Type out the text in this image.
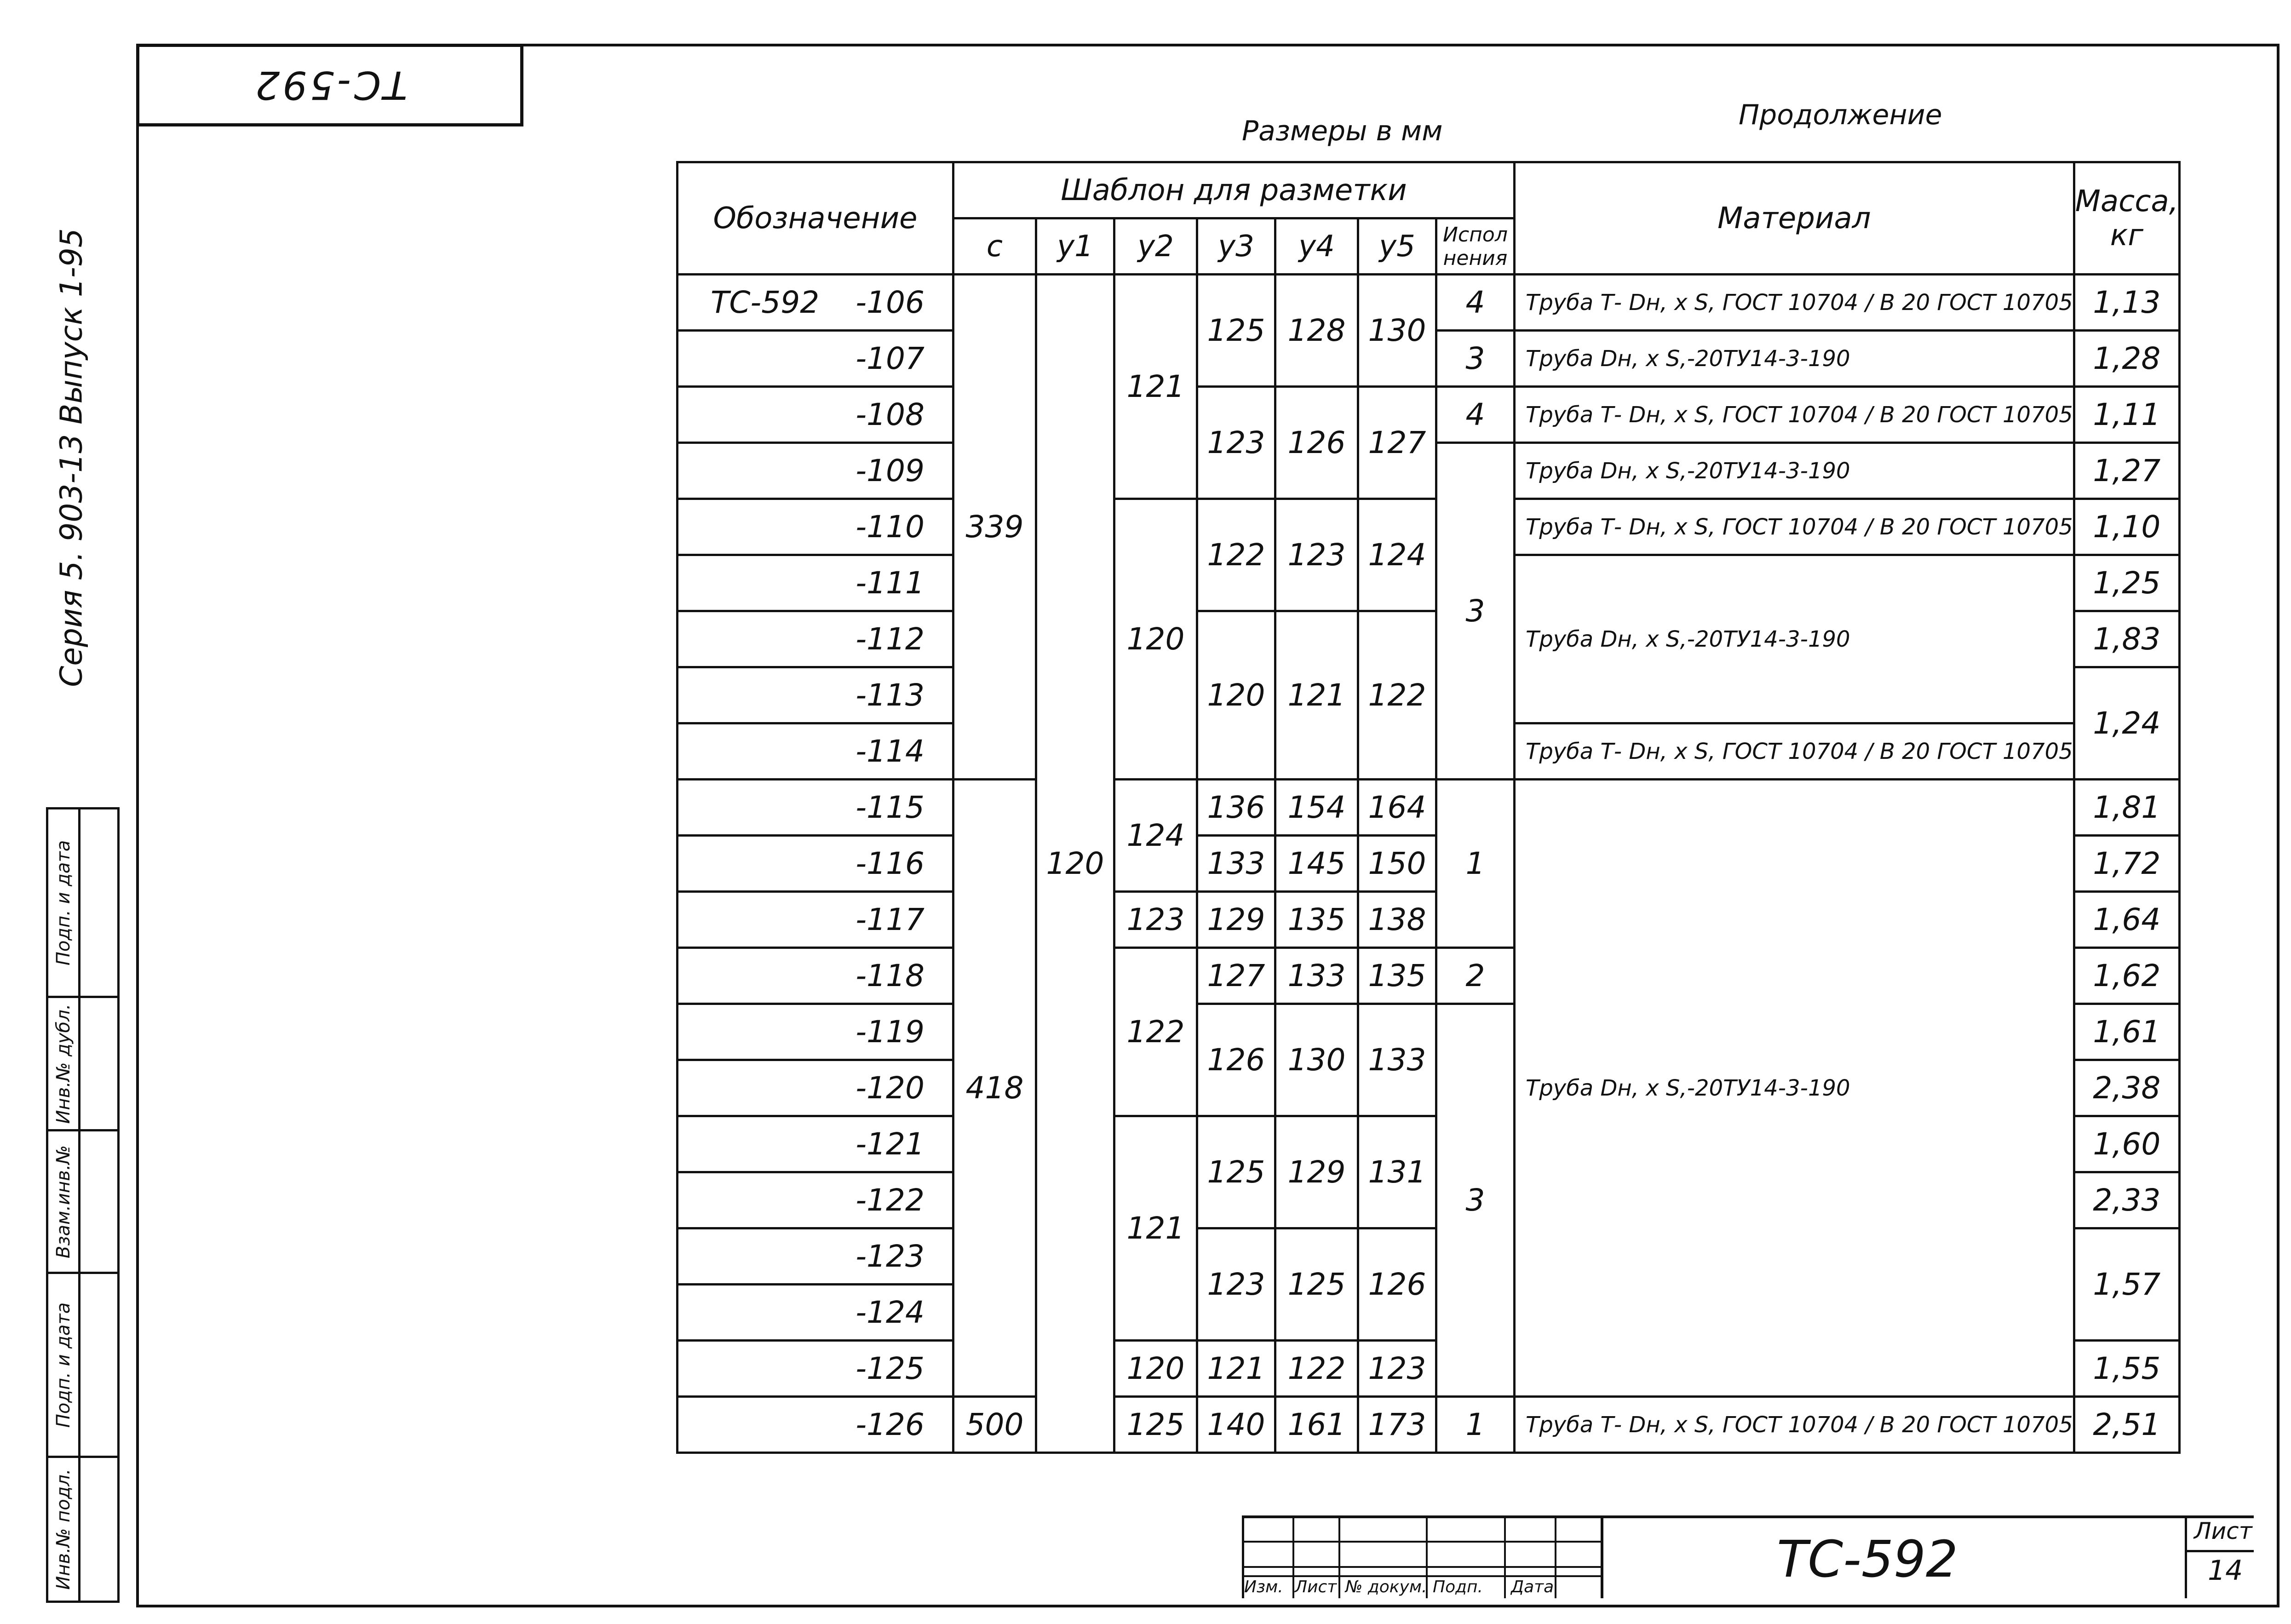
ТС-592
Серия 5. 903-13 Выпуск 1-95
Подп. и дата
Инв.№ дубл.
Взам.инв.№
Подп. и дата
Инв.№ подл.
Размеры в мм	Продолжение
Обозначение	Шаблон для разметки							Материал	Масса, кг
	c	y1	y2	y3	y4	y5	Испол нения		

ТС-592 -106	339	120	121	125	128	130	4	Труба Т- Dн, x S, ГОСТ 10704 / В 20 ГОСТ 10705	1,13
-107							3	Труба Dн, x S,-20ТУ14-3-190	1,28
-108				123	126	127	4	Труба Т- Dн, x S, ГОСТ 10704 / В 20 ГОСТ 10705	1,11
-109							3	Труба Dн, x S,-20ТУ14-3-190	1,27
-110			120	122	123	124		Труба Т- Dн, x S, ГОСТ 10704 / В 20 ГОСТ 10705	1,10
-111								Труба Dн, x S,-20ТУ14-3-190	1,25
-112				120	121	122			1,83
-113									1,24
-114								Труба Т- Dн, x S, ГОСТ 10704 / В 20 ГОСТ 10705	
-115	418		124	136	154	164	1	Труба Dн, x S,-20ТУ14-3-190	1,81
-116				133	145	150			1,72
-117			123	129	135	138			1,64
-118			122	127	133	135	2		1,62
-119				126	130	133	3		1,61
-120									2,38
-121			121	125	129	131			1,60
-122									2,33
-123				123	125	126			1,57
-124									
-125			120	121	122	123			1,55
-126	500		125	140	161	173	1	Труба Т- Dн, x S, ГОСТ 10704 / В 20 ГОСТ 10705	2,51
Изм. Лист № докум. Подп. Дата	ТС-592	Лист
14
